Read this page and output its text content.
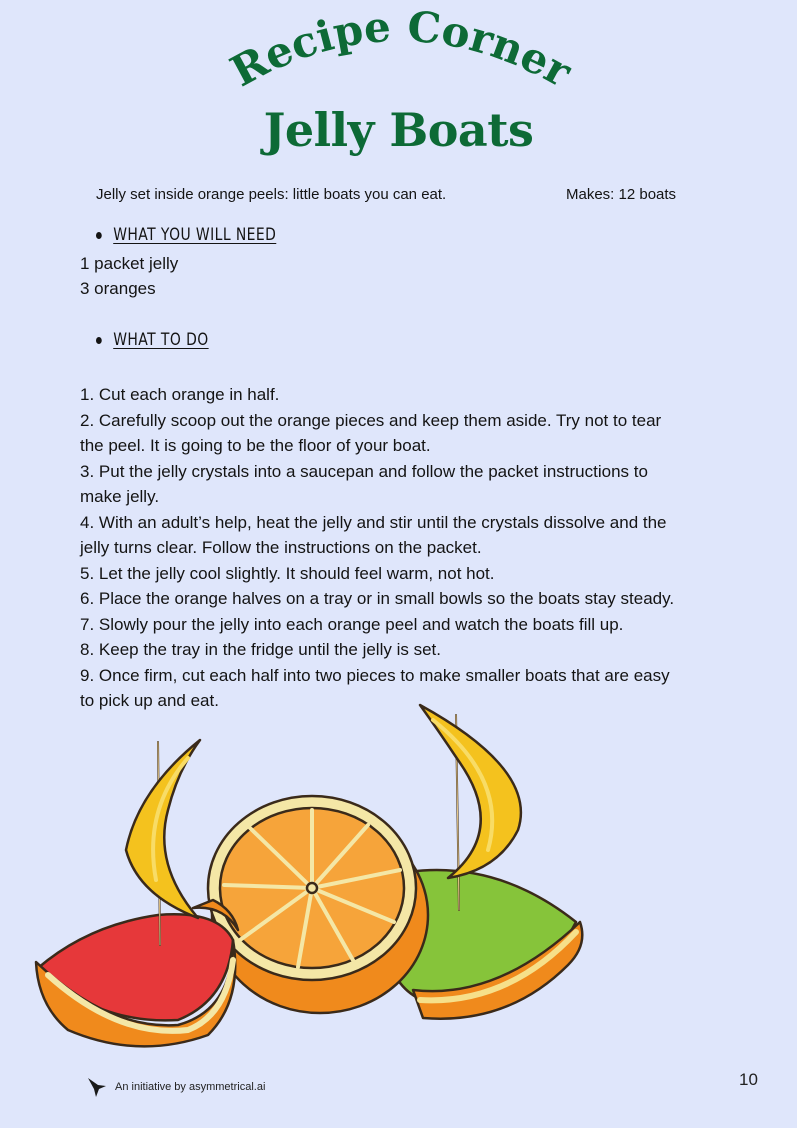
Recipe Corner
Jelly Boats
Jelly set inside orange peels: little boats you can eat.	Makes: 12 boats
WHAT YOU WILL NEED
1 packet jelly
3 oranges
WHAT TO DO
1. Cut each orange in half.
2. Carefully scoop out the orange pieces and keep them aside. Try not to tear
the peel. It is going to be the floor of your boat.
3. Put the jelly crystals into a saucepan and follow the packet instructions to
make jelly.
4. With an adult’s help, heat the jelly and stir until the crystals dissolve and the
jelly turns clear. Follow the instructions on the packet.
5. Let the jelly cool slightly. It should feel warm, not hot.
6. Place the orange halves on a tray or in small bowls so the boats stay steady.
7. Slowly pour the jelly into each orange peel and watch the boats fill up.
8. Keep the tray in the fridge until the jelly is set.
9. Once firm, cut each half into two pieces to make smaller boats that are easy
to pick up and eat.
An initiative by asymmetrical.ai	10
